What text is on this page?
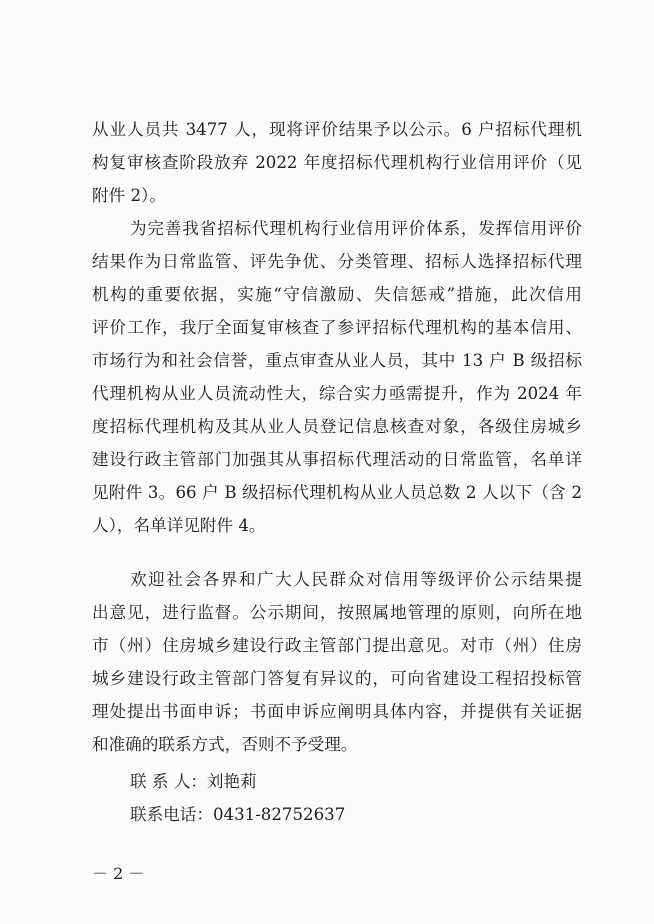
从业人员共 3477 人，现将评价结果予以公示。6 户招标代理机
构复审核查阶段放弃 2022 年度招标代理机构行业信用评价（见
附件 2）。
为完善我省招标代理机构行业信用评价体系，发挥信用评价
结果作为日常监管、评先争优、分类管理、招标人选择招标代理
机构的重要依据，实施“守信激励、失信惩戒”措施，此次信用
评价工作，我厅全面复审核查了参评招标代理机构的基本信用、
市场行为和社会信誉，重点审查从业人员，其中 13 户 B 级招标
代理机构从业人员流动性大，综合实力亟需提升，作为 2024 年
度招标代理机构及其从业人员登记信息核查对象，各级住房城乡
建设行政主管部门加强其从事招标代理活动的日常监管，名单详
见附件 3。66 户 B 级招标代理机构从业人员总数 2 人以下（含 2
人），名单详见附件 4。
欢迎社会各界和广大人民群众对信用等级评价公示结果提
出意见，进行监督。公示期间，按照属地管理的原则，向所在地
市（州）住房城乡建设行政主管部门提出意见。对市（州）住房
城乡建设行政主管部门答复有异议的，可向省建设工程招投标管
理处提出书面申诉；书面申诉应阐明具体内容，并提供有关证据
和准确的联系方式，否则不予受理。
联 系 人：刘艳莉
联系电话：0431-82752637
－ 2 －
